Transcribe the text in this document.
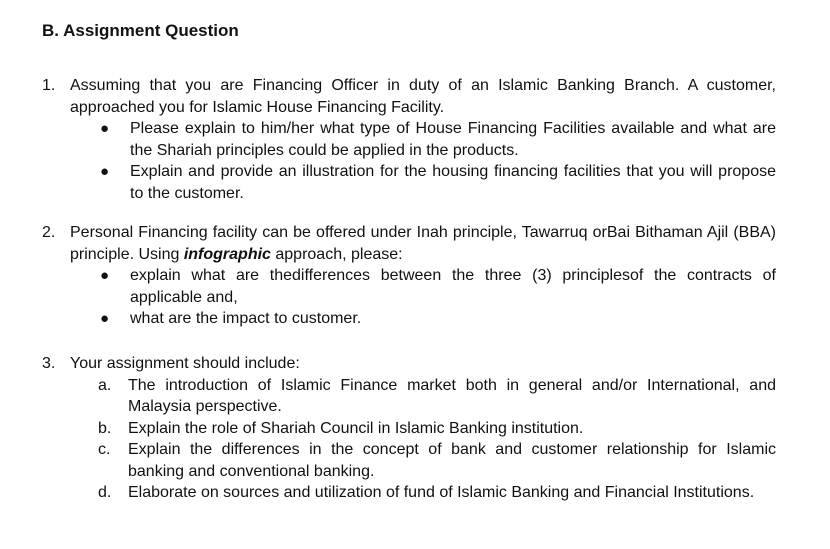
B. Assignment Question
1. Assuming that you are Financing Officer in duty of an Islamic Banking Branch. A customer, approached you for Islamic House Financing Facility.
●	Please explain to him/her what type of House Financing Facilities available and what are the Shariah principles could be applied in the products.
●	Explain and provide an illustration for the housing financing facilities that you will propose to the customer.
2. Personal Financing facility can be offered under Inah principle, Tawarruq orBai Bithaman Ajil (BBA) principle. Using infographic approach, please:
●	explain what are thedifferences between the three (3) principlesof the contracts of applicable and,
●	what are the impact to customer.
3. Your assignment should include:
a.	The introduction of Islamic Finance market both in general and/or International, and Malaysia perspective.
b.	Explain the role of Shariah Council in Islamic Banking institution.
c.	Explain the differences in the concept of bank and customer relationship for Islamic banking and conventional banking.
d.	Elaborate on sources and utilization of fund of Islamic Banking and Financial Institutions.
